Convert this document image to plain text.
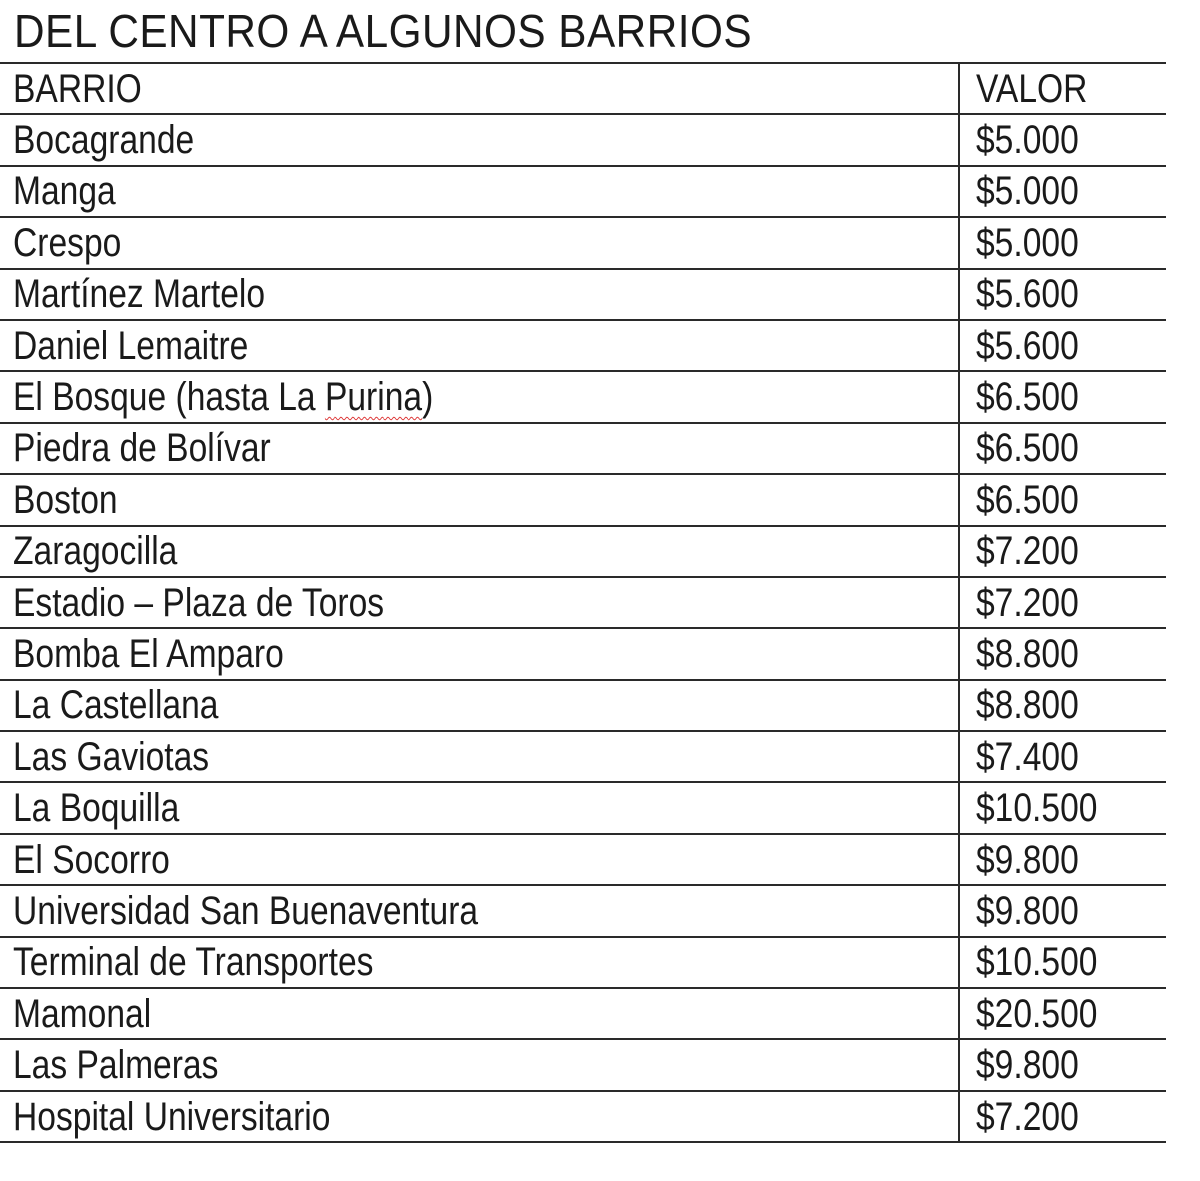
DEL CENTRO A ALGUNOS BARRIOS
BARRIO	VALOR
Bocagrande	$5.000
Manga	$5.000
Crespo	$5.000
Martínez Martelo	$5.600
Daniel Lemaitre	$5.600
El Bosque (hasta La Purina)	$6.500
Piedra de Bolívar	$6.500
Boston	$6.500
Zaragocilla	$7.200
Estadio – Plaza de Toros	$7.200
Bomba El Amparo	$8.800
La Castellana	$8.800
Las Gaviotas	$7.400
La Boquilla	$10.500
El Socorro	$9.800
Universidad San Buenaventura	$9.800
Terminal de Transportes	$10.500
Mamonal	$20.500
Las Palmeras	$9.800
Hospital Universitario	$7.200
